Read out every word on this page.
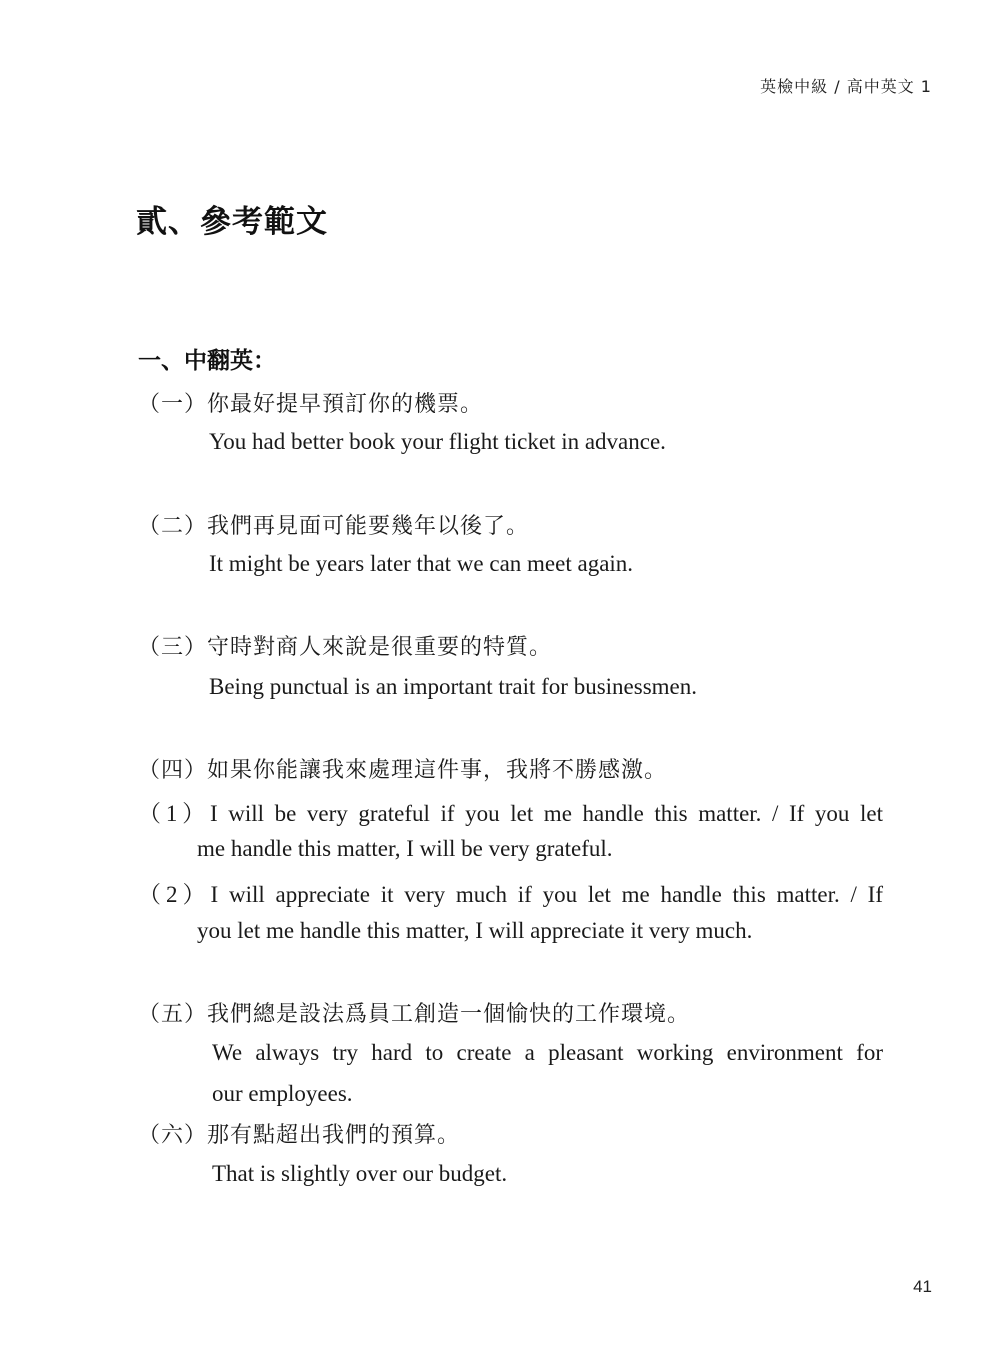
英檢中級 / 高中英文 1
貳、參考範文
一、中翻英：
（一）你最好提早預訂你的機票。
You had better book your flight ticket in advance.
（二）我們再見面可能要幾年以後了。
It might be years later that we can meet again.
（三）守時對商人來說是很重要的特質。
Being punctual is an important trait for businessmen.
（四）如果你能讓我來處理這件事，我將不勝感激。
（1）I will be very grateful if you let me handle this matter. / If you let
me handle this matter, I will be very grateful.
（2）I will appreciate it very much if you let me handle this matter. / If
you let me handle this matter, I will appreciate it very much.
（五）我們總是設法爲員工創造一個愉快的工作環境。
We always try hard to create a pleasant working environment for
our employees.
（六）那有點超出我們的預算。
That is slightly over our budget.
41
